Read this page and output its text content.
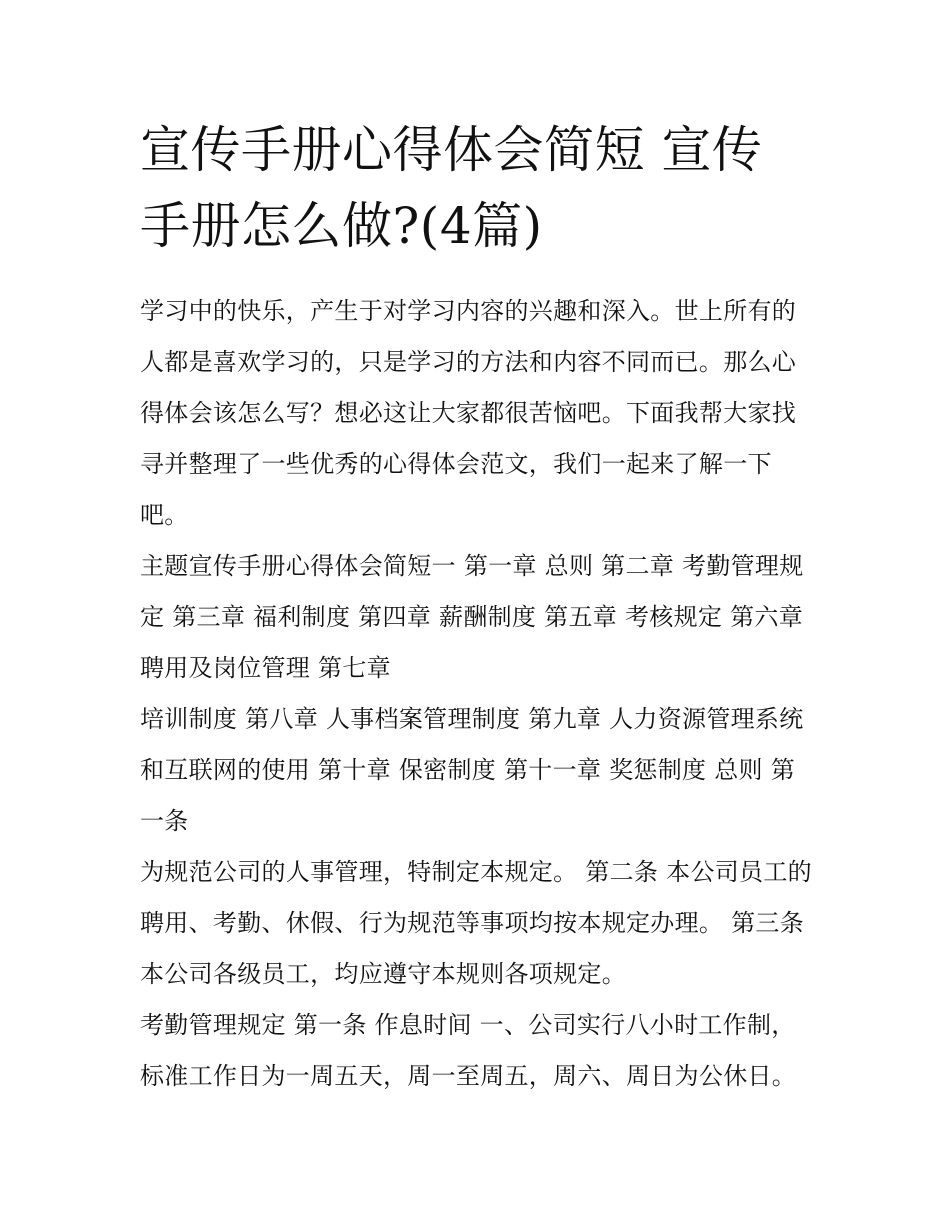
宣传手册心得体会简短 宣传手册怎么做?(4篇)

学习中的快乐，产生于对学习内容的兴趣和深入。世上所有的人都是喜欢学习的，只是学习的方法和内容不同而已。那么心得体会该怎么写？想必这让大家都很苦恼吧。下面我帮大家找寻并整理了一些优秀的心得体会范文，我们一起来了解一下吧。

主题宣传手册心得体会简短一 第一章 总则 第二章 考勤管理规定 第三章 福利制度 第四章 薪酬制度 第五章 考核规定 第六章 聘用及岗位管理 第七章

培训制度 第八章 人事档案管理制度 第九章 人力资源管理系统 和互联网的使用 第十章 保密制度 第十一章 奖惩制度 总则 第一条

为规范公司的人事管理，特制定本规定。 第二条 本公司员工的聘用、考勤、休假、行为规范等事项均按本规定办理。 第三条 本公司各级员工，均应遵守本规则各项规定。

考勤管理规定 第一条 作息时间 一、公司实行八小时工作制，标准工作日为一周五天，周一至周五，周六、周日为公休日。
